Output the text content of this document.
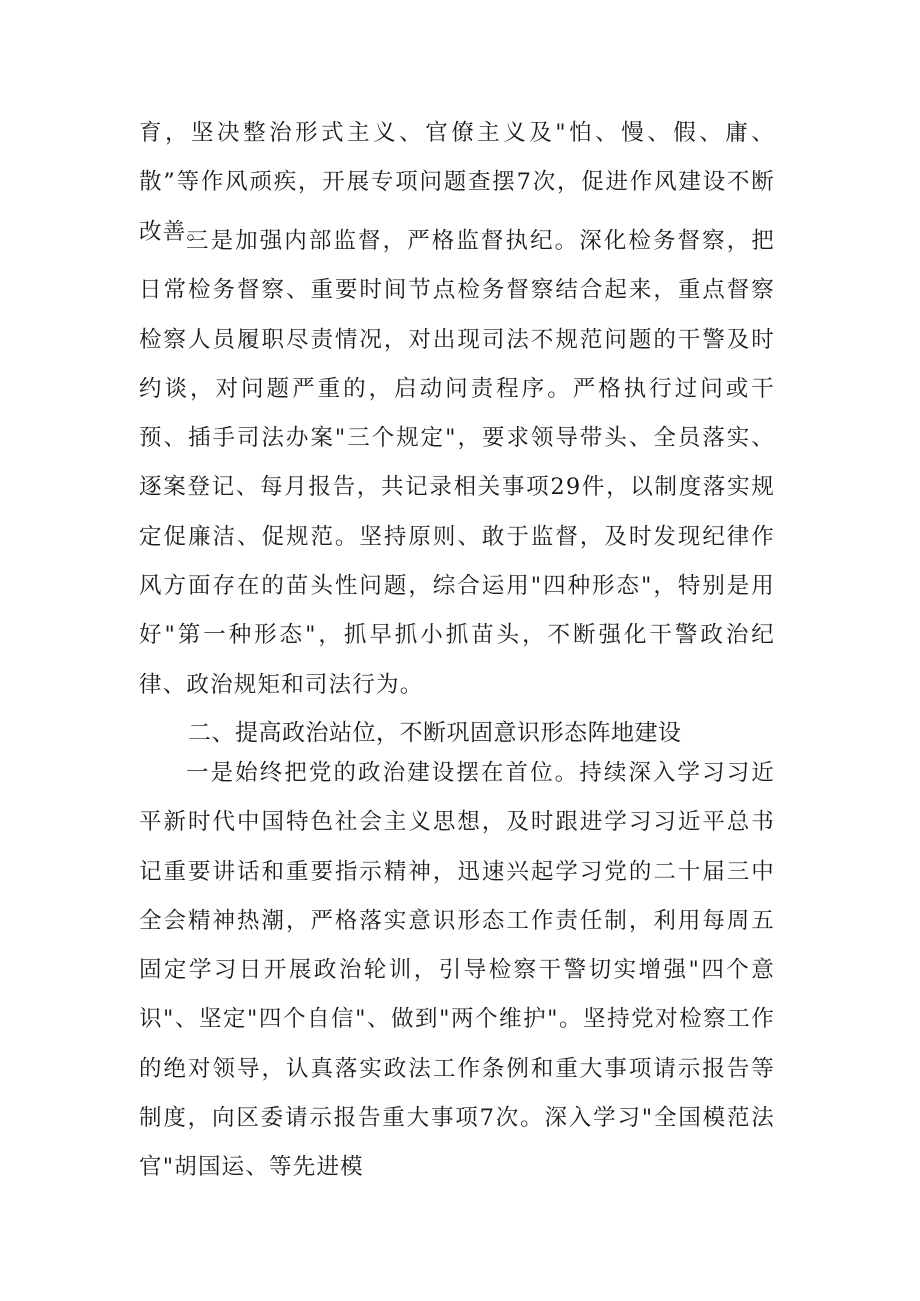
育，坚决整治形式主义、官僚主义及"怕、慢、假、庸、散”等作风顽疾，开展专项问题查摆7次，促进作风建设不断改善。

三是加强内部监督，严格监督执纪。深化检务督察，把日常检务督察、重要时间节点检务督察结合起来，重点督察检察人员履职尽责情况，对出现司法不规范问题的干警及时约谈，对问题严重的，启动问责程序。严格执行过问或干预、插手司法办案"三个规定"，要求领导带头、全员落实、逐案登记、每月报告，共记录相关事项29件，以制度落实规定促廉洁、促规范。坚持原则、敢于监督，及时发现纪律作风方面存在的苗头性问题，综合运用"四种形态"，特别是用好"第一种形态"，抓早抓小抓苗头，不断强化干警政治纪律、政治规矩和司法行为。

二、提高政治站位，不断巩固意识形态阵地建设

一是始终把党的政治建设摆在首位。持续深入学习习近平新时代中国特色社会主义思想，及时跟进学习习近平总书记重要讲话和重要指示精神，迅速兴起学习党的二十届三中全会精神热潮，严格落实意识形态工作责任制，利用每周五固定学习日开展政治轮训，引导检察干警切实增强"四个意识"、坚定"四个自信"、做到"两个维护"。坚持党对检察工作的绝对领导，认真落实政法工作条例和重大事项请示报告等制度，向区委请示报告重大事项7次。深入学习"全国模范法官"胡国运、等先进模
